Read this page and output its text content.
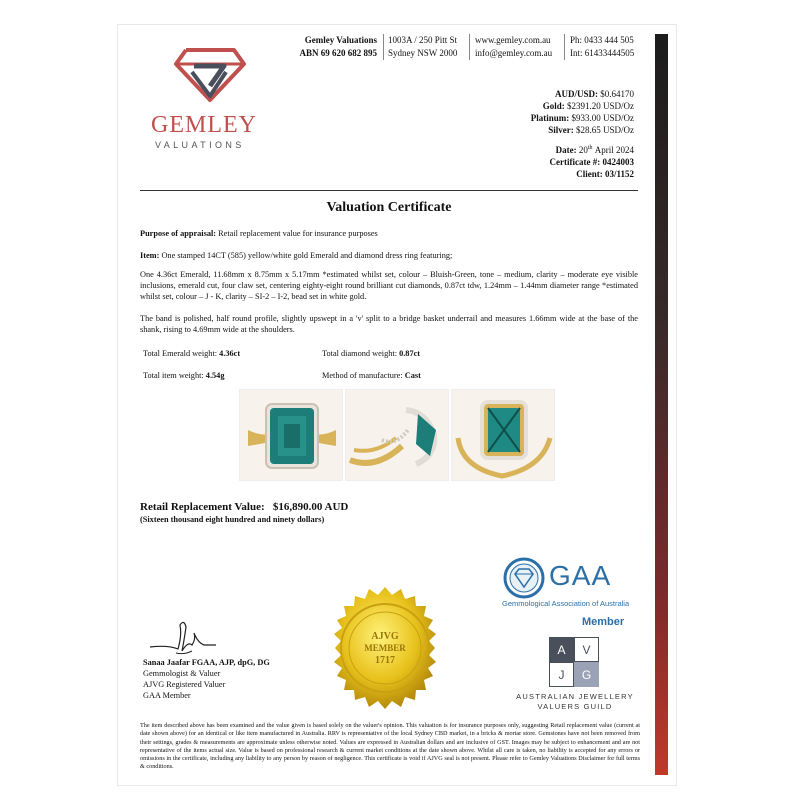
GEMLEY
VALUATIONS
Gemley Valuations
ABN 69 620 682 895
1003A / 250 Pitt St
Sydney NSW 2000
www.gemley.com.au
info@gemley.com.au
Ph: 0433 444 505
Int: 61433444505
AUD/USD: $0.64170
Gold: $2391.20 USD/Oz
Platinum: $933.00 USD/Oz
Silver: $28.65 USD/Oz
Date: 20th April 2024
Certificate #: 0424003
Client: 03/1152
Valuation Certificate
Purpose of appraisal: Retail replacement value for insurance purposes
Item: One stamped 14CT (585) yellow/white gold Emerald and diamond dress ring featuring;
One 4.36ct Emerald, 11.68mm x 8.75mm x 5.17mm *estimated whilst set, colour – Bluish-Green, tone – medium, clarity – moderate eye visible inclusions, emerald cut, four claw set, centering eighty-eight round brilliant cut diamonds, 0.87ct tdw, 1.24mm – 1.44mm diameter range *estimated whilst set, colour – J - K, clarity – SI-2 – I-2, bead set in white gold.
The band is polished, half round profile, slightly upswept in a 'v' split to a bridge basket underrail and measures 1.66mm wide at the base of the shank, rising to 4.69mm wide at the shoulders.
Total Emerald weight: 4.36ct	Total diamond weight: 0.87ct
Total item weight: 4.54g	Method of manufacture: Cast
Retail Replacement Value: $16,890.00 AUD
(Sixteen thousand eight hundred and ninety dollars)
AJVG
MEMBER
1717
GAA
Gemmological Association of Australia
Member
A	V
J	G
AUSTRALIAN JEWELLERY
VALUERS GUILD
Sanaa Jaafar FGAA, AJP, dpG, DG
Gemmologist & Valuer
AJVG Registered Valuer
GAA Member
The item described above has been examined and the value given is based solely on the valuer's opinion. This valuation is for insurance purposes only, suggesting Retail replacement value (current at date shown above) for an identical or like item manufactured in Australia. RRV is representative of the local Sydney CBD market, in a bricks & mortar store. Gemstones have not been removed from their settings, grades & measurements are approximate unless otherwise noted. Values are expressed in Australian dollars and are inclusive of GST. Images may be subject to enhancement and are not representative of the items actual size. Value is based on professional research & current market conditions at the date shown above. Whilst all care is taken, no liability is accepted for any errors or omissions in the certificate, including any liability to any person by reason of negligence. This certificate is void if AJVG seal is not present. Please refer to Gemley Valuations Disclaimer for full terms & conditions.
